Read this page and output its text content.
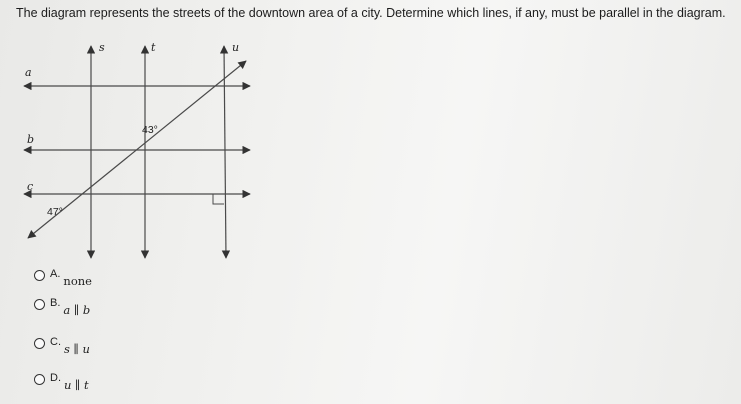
The diagram represents the streets of the downtown area of a city. Determine which lines, if any, must be parallel in the diagram.
s	t	u
a
b
c
43°
47°
A. none
B. a ∥ b
C. s ∥ u
D. u ∥ t
